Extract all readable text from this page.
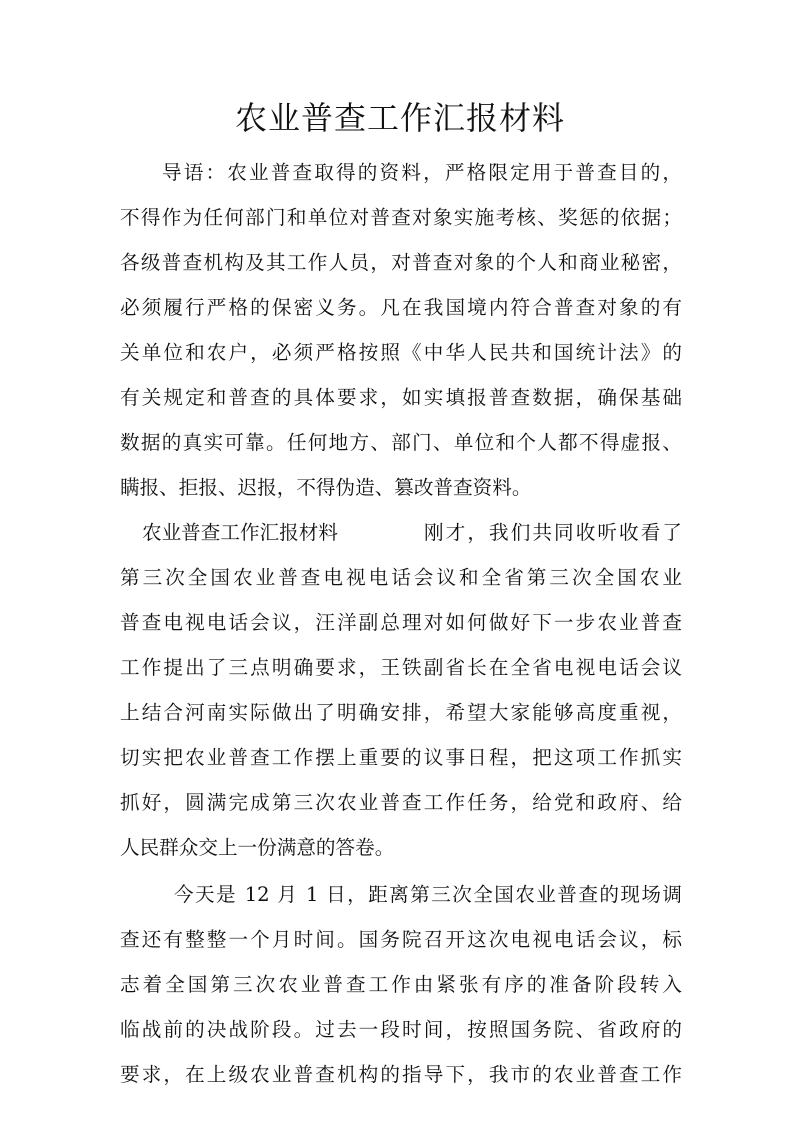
农业普查工作汇报材料

导语：农业普查取得的资料，严格限定用于普查目的，

不得作为任何部门和单位对普查对象实施考核、奖惩的依据；

各级普查机构及其工作人员，对普查对象的个人和商业秘密，

必须履行严格的保密义务。凡在我国境内符合普查对象的有

关单位和农户，必须严格按照《中华人民共和国统计法》的

有关规定和普查的具体要求，如实填报普查数据，确保基础

数据的真实可靠。任何地方、部门、单位和个人都不得虚报、

瞒报、拒报、迟报，不得伪造、篡改普查资料。

农业普查工作汇报材料	刚才，我们共同收听收看了

第三次全国农业普查电视电话会议和全省第三次全国农业

普查电视电话会议，汪洋副总理对如何做好下一步农业普查

工作提出了三点明确要求，王铁副省长在全省电视电话会议

上结合河南实际做出了明确安排，希望大家能够高度重视，

切实把农业普查工作摆上重要的议事日程，把这项工作抓实

抓好，圆满完成第三次农业普查工作任务，给党和政府、给

人民群众交上一份满意的答卷。

今天是 12 月 1 日，距离第三次全国农业普查的现场调

查还有整整一个月时间。国务院召开这次电视电话会议，标

志着全国第三次农业普查工作由紧张有序的准备阶段转入

临战前的决战阶段。过去一段时间，按照国务院、省政府的

要求，在上级农业普查机构的指导下，我市的农业普查工作
